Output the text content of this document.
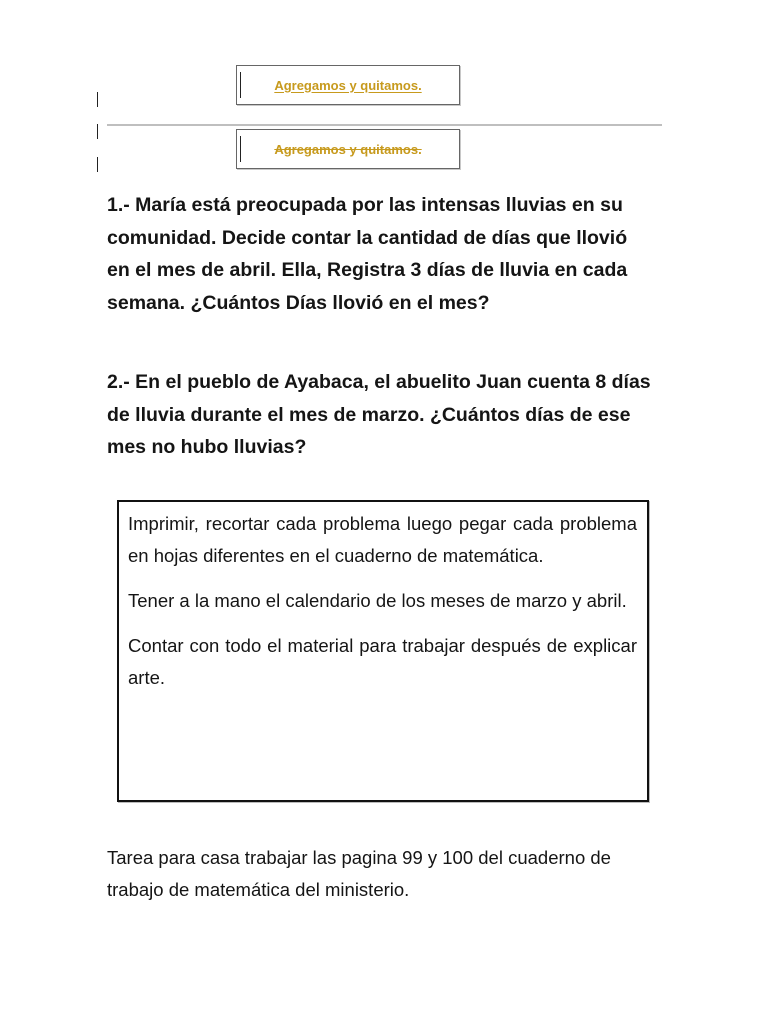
Agregamos y quitamos.
Agregamos y quitamos.

1.- María está preocupada por las intensas lluvias en su comunidad. Decide contar la cantidad de días que llovió en el mes de abril. Ella, Registra 3 días de lluvia en cada semana. ¿Cuántos Días llovió en el mes?

2.- En el pueblo de Ayabaca, el abuelito Juan cuenta 8 días de lluvia durante el mes de marzo. ¿Cuántos días de ese mes no hubo lluvias?

Imprimir, recortar cada problema luego pegar cada problema en hojas diferentes en el cuaderno de matemática.

Tener a la mano el calendario de los meses de marzo y abril.

Contar con todo el material para trabajar después de explicar arte.

Tarea para casa trabajar las pagina 99 y 100 del cuaderno de trabajo de matemática del ministerio.
